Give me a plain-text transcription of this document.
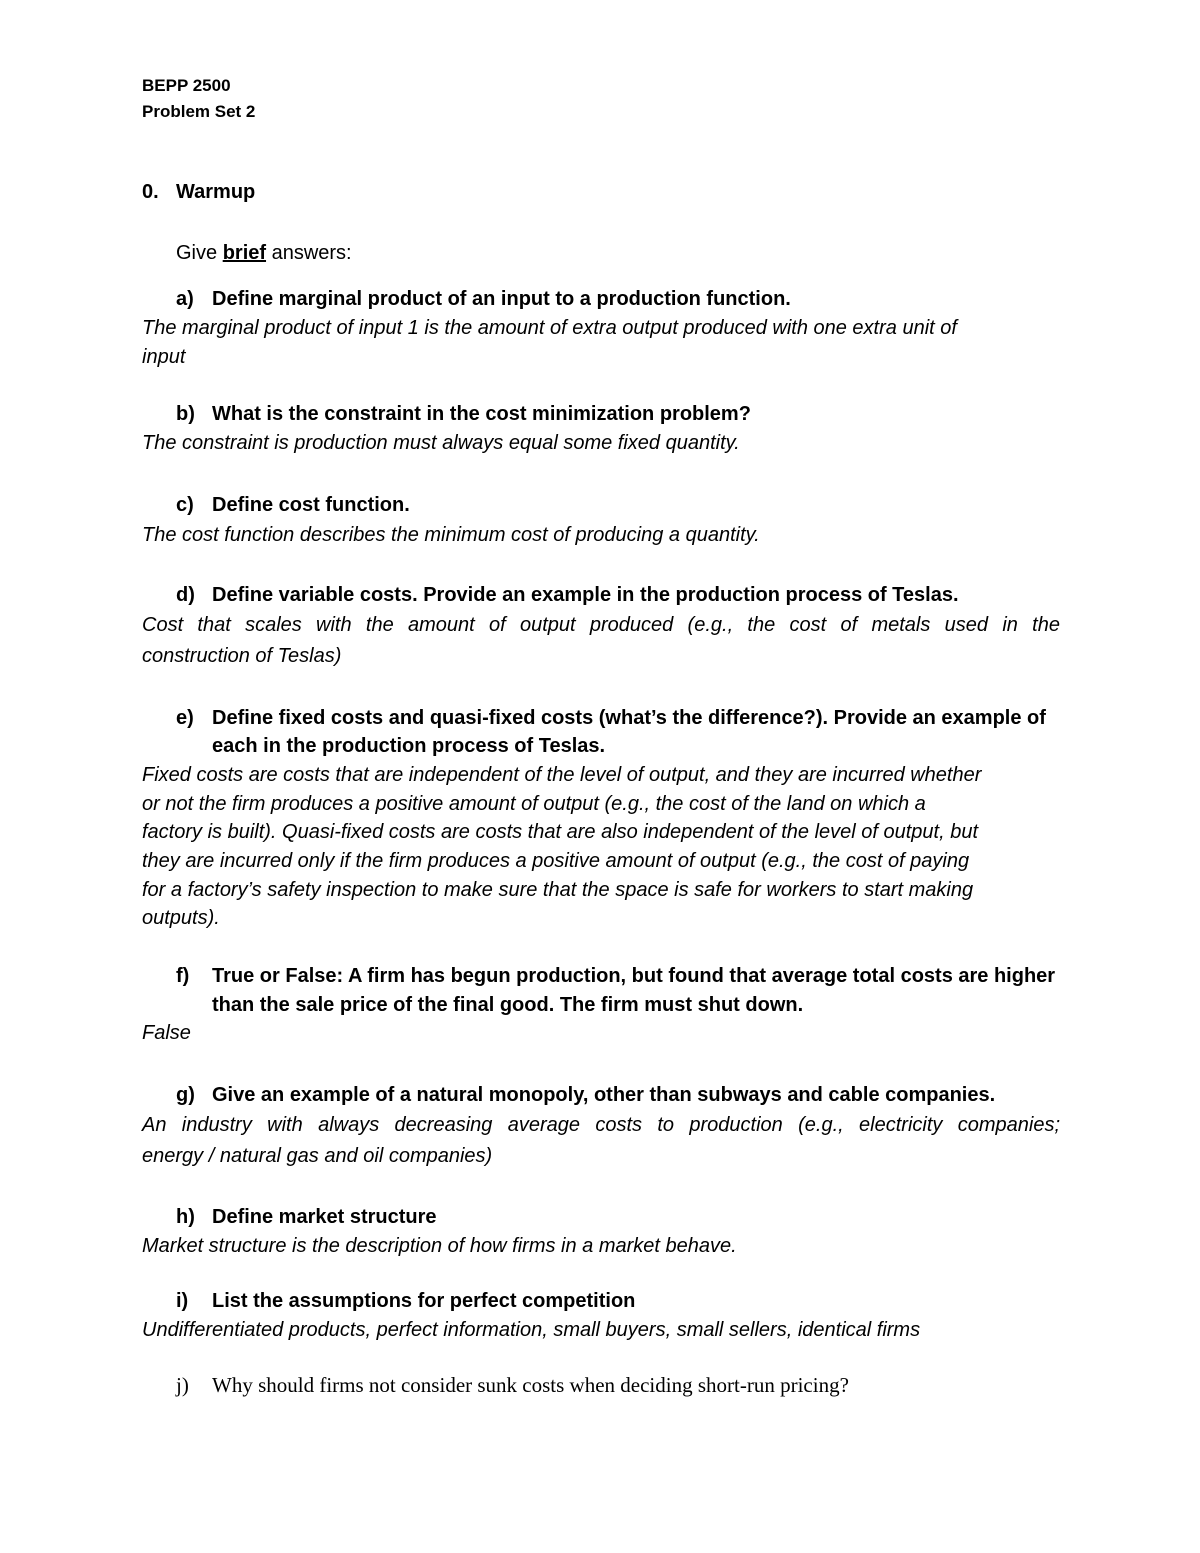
BEPP 2500

Problem Set 2

0. Warmup

Give brief answers:

a) Define marginal product of an input to a production function.

The marginal product of input 1 is the amount of extra output produced with one extra unit of

input

b) What is the constraint in the cost minimization problem?

The constraint is production must always equal some fixed quantity.

c) Define cost function.

The cost function describes the minimum cost of producing a quantity.

d) Define variable costs. Provide an example in the production process of Teslas.

Cost that scales with the amount of output produced (e.g., the cost of metals used in the

construction of Teslas)

e) Define fixed costs and quasi-fixed costs (what’s the difference?). Provide an example of

each in the production process of Teslas.

Fixed costs are costs that are independent of the level of output, and they are incurred whether

or not the firm produces a positive amount of output (e.g., the cost of the land on which a

factory is built). Quasi-fixed costs are costs that are also independent of the level of output, but

they are incurred only if the firm produces a positive amount of output (e.g., the cost of paying

for a factory’s safety inspection to make sure that the space is safe for workers to start making

outputs).

f) True or False: A firm has begun production, but found that average total costs are higher

than the sale price of the final good. The firm must shut down.

False

g) Give an example of a natural monopoly, other than subways and cable companies.

An industry with always decreasing average costs to production (e.g., electricity companies;

energy / natural gas and oil companies)

h) Define market structure

Market structure is the description of how firms in a market behave.

i) List the assumptions for perfect competition

Undifferentiated products, perfect information, small buyers, small sellers, identical firms

j) Why should firms not consider sunk costs when deciding short-run pricing?
